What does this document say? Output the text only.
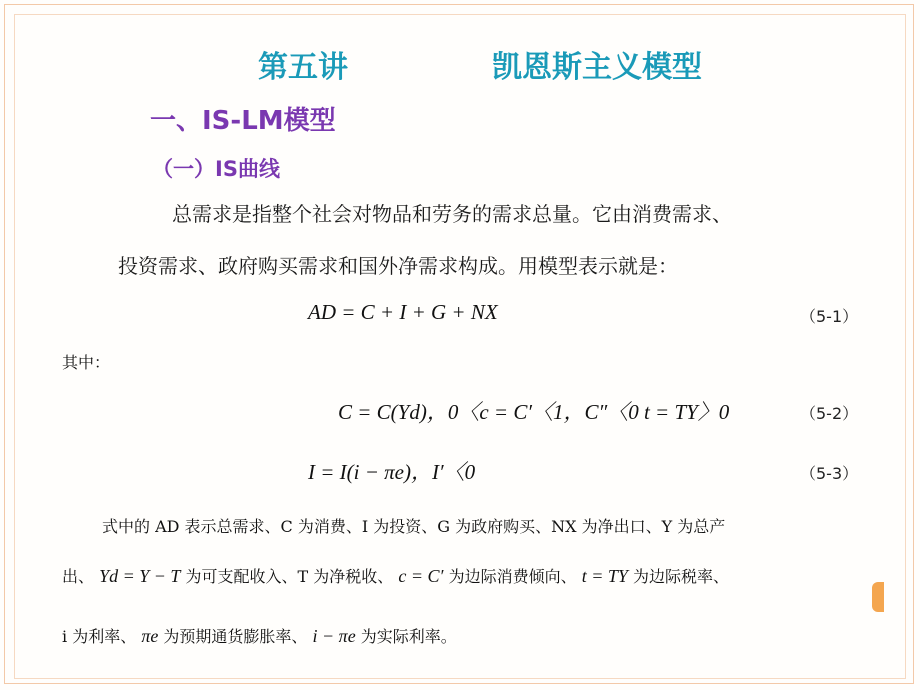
第五讲	凯恩斯主义模型
一、IS-LM模型
（一）IS曲线
总需求是指整个社会对物品和劳务的需求总量。它由消费需求、
投资需求、政府购买需求和国外净需求构成。用模型表示就是：
AD = C + I + G + NX	（5-1）
其中：
C = C(Yd)，0〈c = C′〈1，C″〈0 t = TY〉0	（5-2）
I = I(i − πe)，I′〈0	（5-3）
式中的 AD 表示总需求、C 为消费、I 为投资、G 为政府购买、NX 为净出口、Y 为总产
出、 Yd = Y − T 为可支配收入、T 为净税收、 c = C′ 为边际消费倾向、 t = TY 为边际税率、
i 为利率、 πe 为预期通货膨胀率、 i − πe 为实际利率。
